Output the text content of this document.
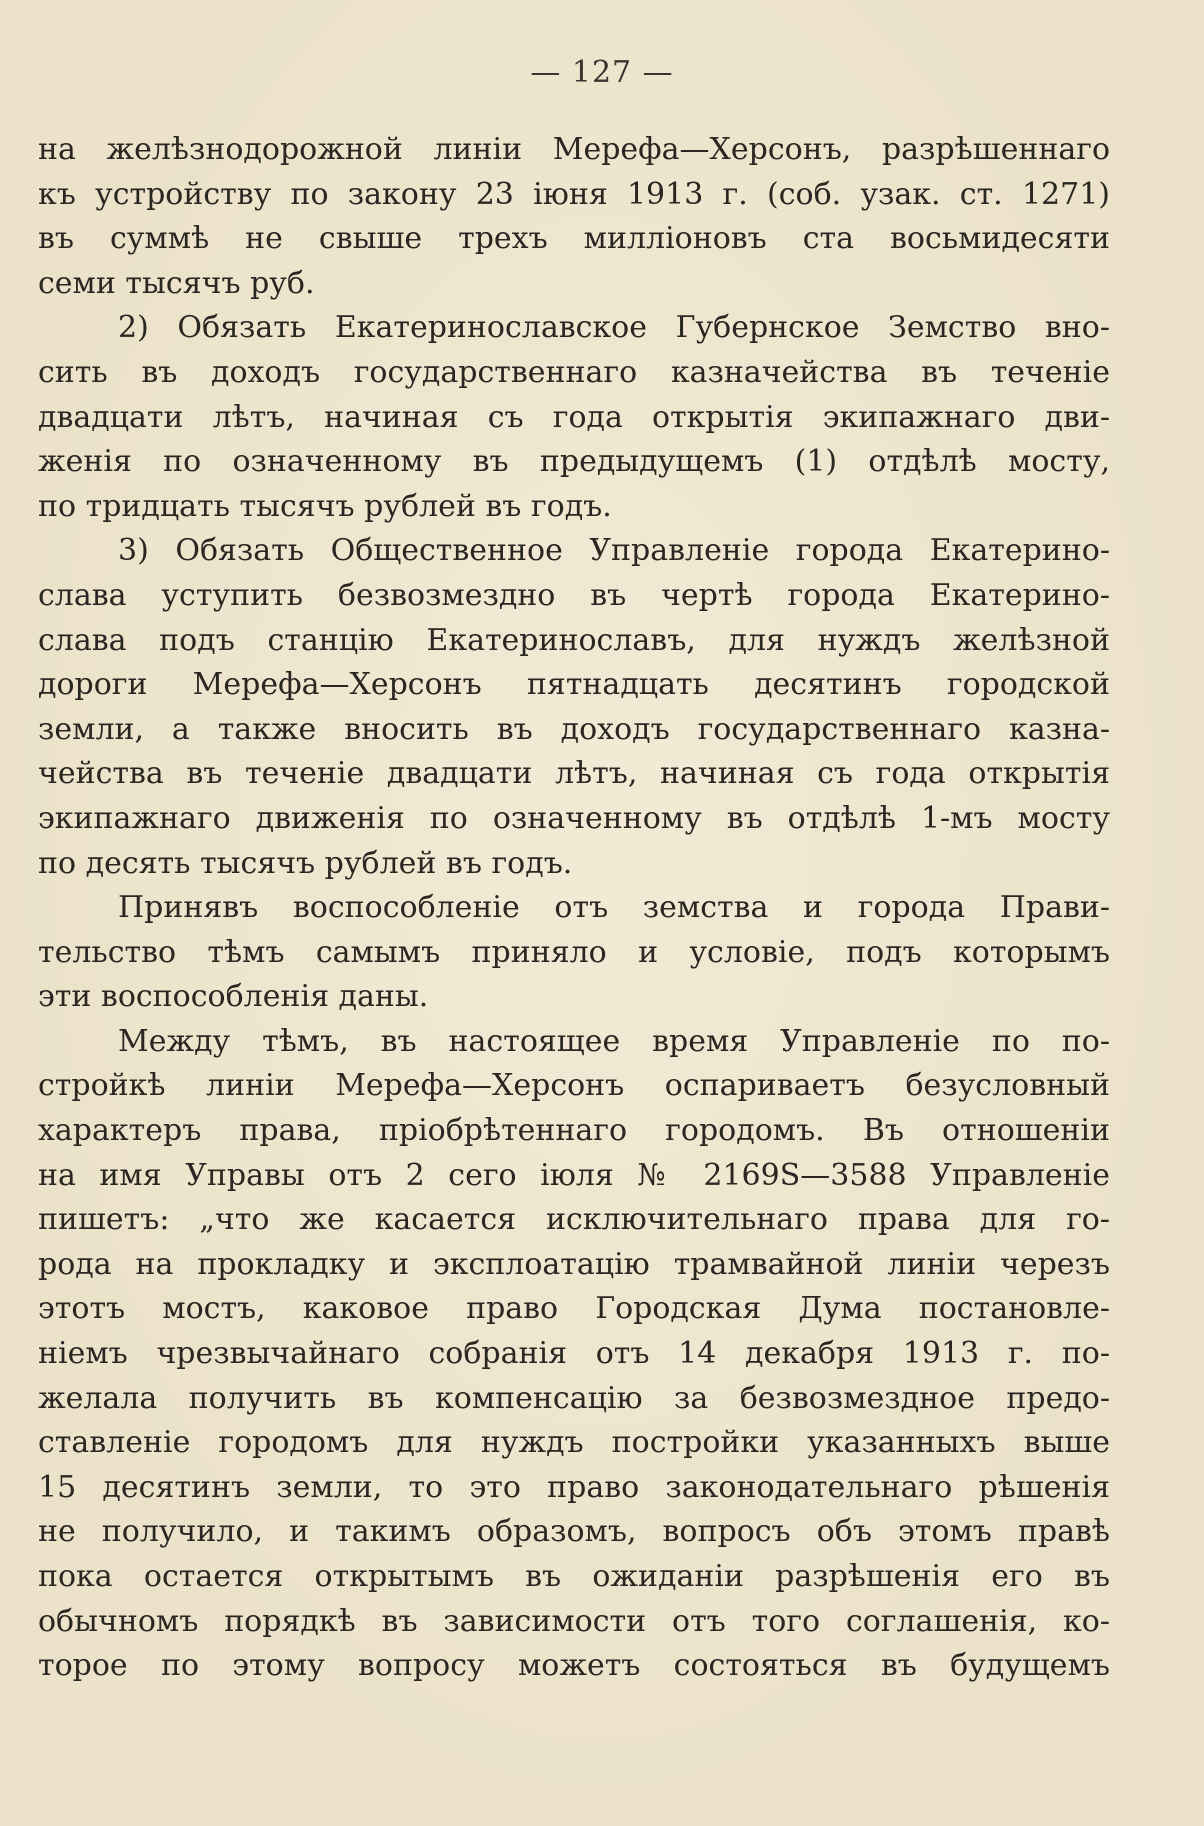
— 127 —
на желѣзнодорожной линіи Мерефа—Херсонъ, разрѣшеннаго
къ устройству по закону 23 іюня 1913 г. (соб. узак. ст. 1271)
въ суммѣ не свыше трехъ милліоновъ ста восьмидесяти
семи тысячъ руб.
2) Обязать Екатеринославское Губернское Земство вно-
сить въ доходъ государственнаго казначейства въ теченіе
двадцати лѣтъ, начиная съ года открытія экипажнаго дви-
женія по означенному въ предыдущемъ (1) отдѣлѣ мосту,
по тридцать тысячъ рублей въ годъ.
3) Обязать Общественное Управленіе города Екатерино-
слава уступить безвозмездно въ чертѣ города Екатерино-
слава подъ станцію Екатеринославъ, для нуждъ желѣзной
дороги Мерефа—Херсонъ пятнадцать десятинъ городской
земли, а также вносить въ доходъ государственнаго казна-
чейства въ теченіе двадцати лѣтъ, начиная съ года открытія
экипажнаго движенія по означенному въ отдѣлѣ 1-мъ мосту
по десять тысячъ рублей въ годъ.
Принявъ воспособленіе отъ земства и города Прави-
тельство тѣмъ самымъ приняло и условіе, подъ которымъ
эти воспособленія даны.
Между тѣмъ, въ настоящее время Управленіе по по-
стройкѣ линіи Мерефа—Херсонъ оспариваетъ безусловный
характеръ права, пріобрѣтеннаго городомъ. Въ отношеніи
на имя Управы отъ 2 сего іюля № 2169S—3588 Управленіе
пишетъ: „что же касается исключительнаго права для го-
рода на прокладку и эксплоатацію трамвайной линіи черезъ
этотъ мостъ, каковое право Городская Дума постановле-
ніемъ чрезвычайнаго собранія отъ 14 декабря 1913 г. по-
желала получить въ компенсацію за безвозмездное предо-
ставленіе городомъ для нуждъ постройки указанныхъ выше
15 десятинъ земли, то это право законодательнаго рѣшенія
не получило, и такимъ образомъ, вопросъ объ этомъ правѣ
пока остается открытымъ въ ожиданіи разрѣшенія его въ
обычномъ порядкѣ въ зависимости отъ того соглашенія, ко-
торое по этому вопросу можетъ состояться въ будущемъ
